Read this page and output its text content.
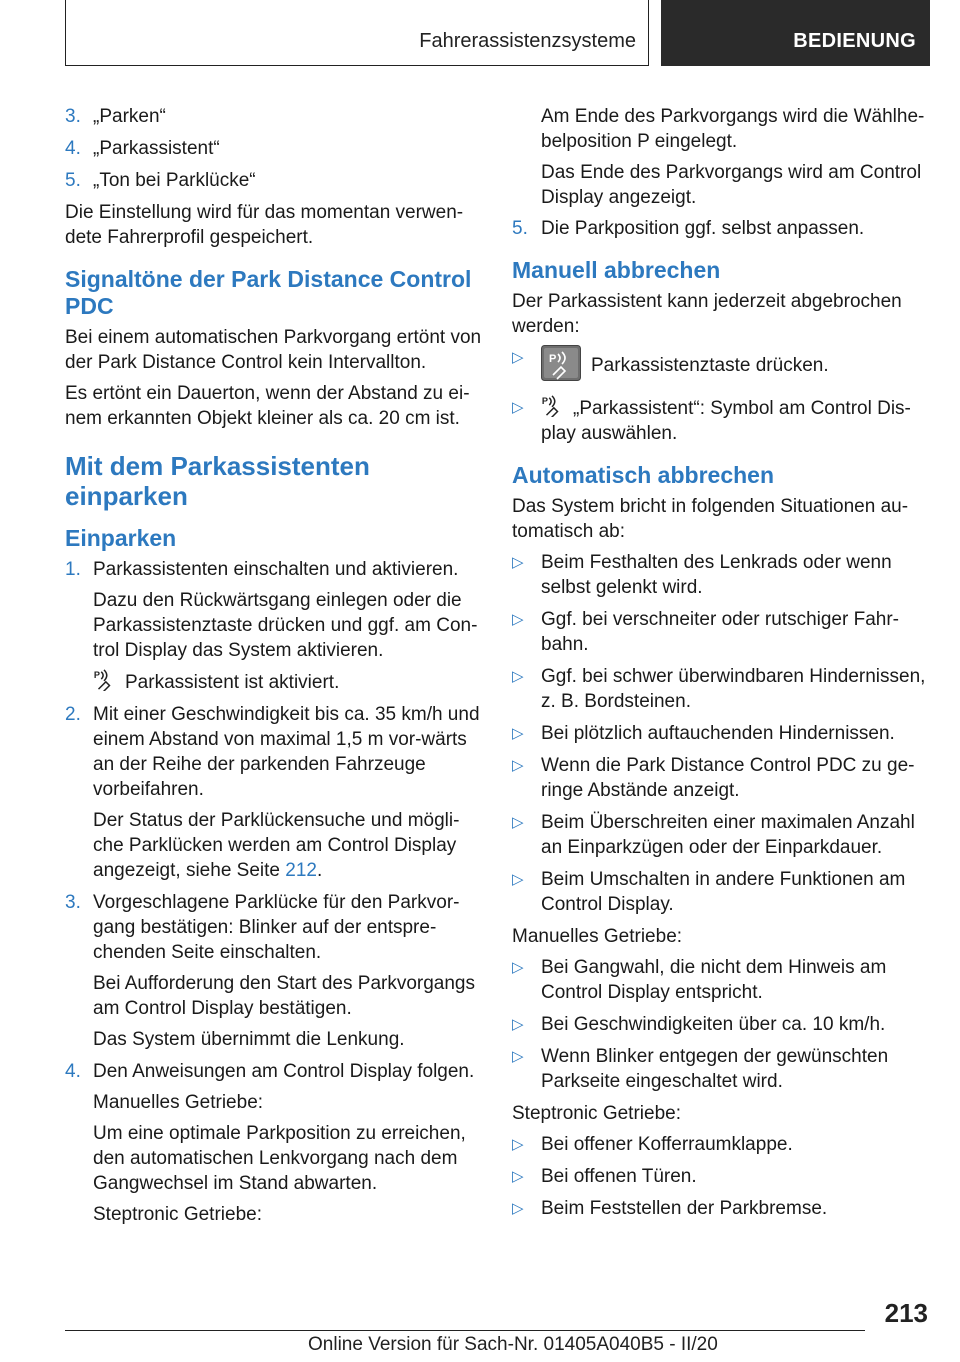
Fahrerassistenzsysteme	BEDIENUNG
3. „Parken“
4. „Parkassistent“
5. „Ton bei Parklücke“

Die Einstellung wird für das momentan verwen-dete Fahrerprofil gespeichert.

Signaltöne der Park Distance Control PDC

Bei einem automatischen Parkvorgang ertönt von der Park Distance Control kein Intervallton.

Es ertönt ein Dauerton, wenn der Abstand zu ei-nem erkannten Objekt kleiner als ca. 20 cm ist.

Mit dem Parkassistenten einparken
Einparken
1. Parkassistenten einschalten und aktivieren.

Dazu den Rückwärtsgang einlegen oder die Parkassistenztaste drücken und ggf. am Con-trol Display das System aktivieren.

P Parkassistent ist aktiviert.

2. Mit einer Geschwindigkeit bis ca. 35 km/h und einem Abstand von maximal 1,5 m vor-wärts an der Reihe der parkenden Fahrzeuge vorbeifahren.

Der Status der Parklückensuche und mögli-che Parklücken werden am Control Display angezeigt, siehe Seite 212.

3. Vorgeschlagene Parklücke für den Parkvor-gang bestätigen: Blinker auf der entspre-chenden Seite einschalten.

Bei Aufforderung den Start des Parkvorgangs am Control Display bestätigen.

Das System übernimmt die Lenkung.

4. Den Anweisungen am Control Display folgen.

Manuelles Getriebe:

Um eine optimale Parkposition zu erreichen, den automatischen Lenkvorgang nach dem Gangwechsel im Stand abwarten.

Steptronic Getriebe:

Am Ende des Parkvorgangs wird die Wählhe-belposition P eingelegt.

Das Ende des Parkvorgangs wird am Control Display angezeigt.

5. Die Parkposition ggf. selbst anpassen.
Manuell abbrechen

Der Parkassistent kann jederzeit abgebrochen werden:

▷	P Parkassistenztaste drücken.
▷	P „Parkassistent“: Symbol am Control Dis-play auswählen.
Automatisch abbrechen

Das System bricht in folgenden Situationen au-tomatisch ab:

▷ Beim Festhalten des Lenkrads oder wenn selbst gelenkt wird.
▷ Ggf. bei verschneiter oder rutschiger Fahr-bahn.
▷ Ggf. bei schwer überwindbaren Hindernissen, z. B. Bordsteinen.
▷ Bei plötzlich auftauchenden Hindernissen.
▷ Wenn die Park Distance Control PDC zu ge-ringe Abstände anzeigt.
▷ Beim Überschreiten einer maximalen Anzahl an Einparkzügen oder der Einparkdauer.
▷ Beim Umschalten in andere Funktionen am Control Display.

Manuelles Getriebe:

▷ Bei Gangwahl, die nicht dem Hinweis am Control Display entspricht.
▷ Bei Geschwindigkeiten über ca. 10 km/h.
▷ Wenn Blinker entgegen der gewünschten Parkseite eingeschaltet wird.

Steptronic Getriebe:

▷ Bei offener Kofferraumklappe.
▷ Bei offenen Türen.
▷ Beim Feststellen der Parkbremse.
213
Online Version für Sach-Nr. 01405A040B5 - II/20
